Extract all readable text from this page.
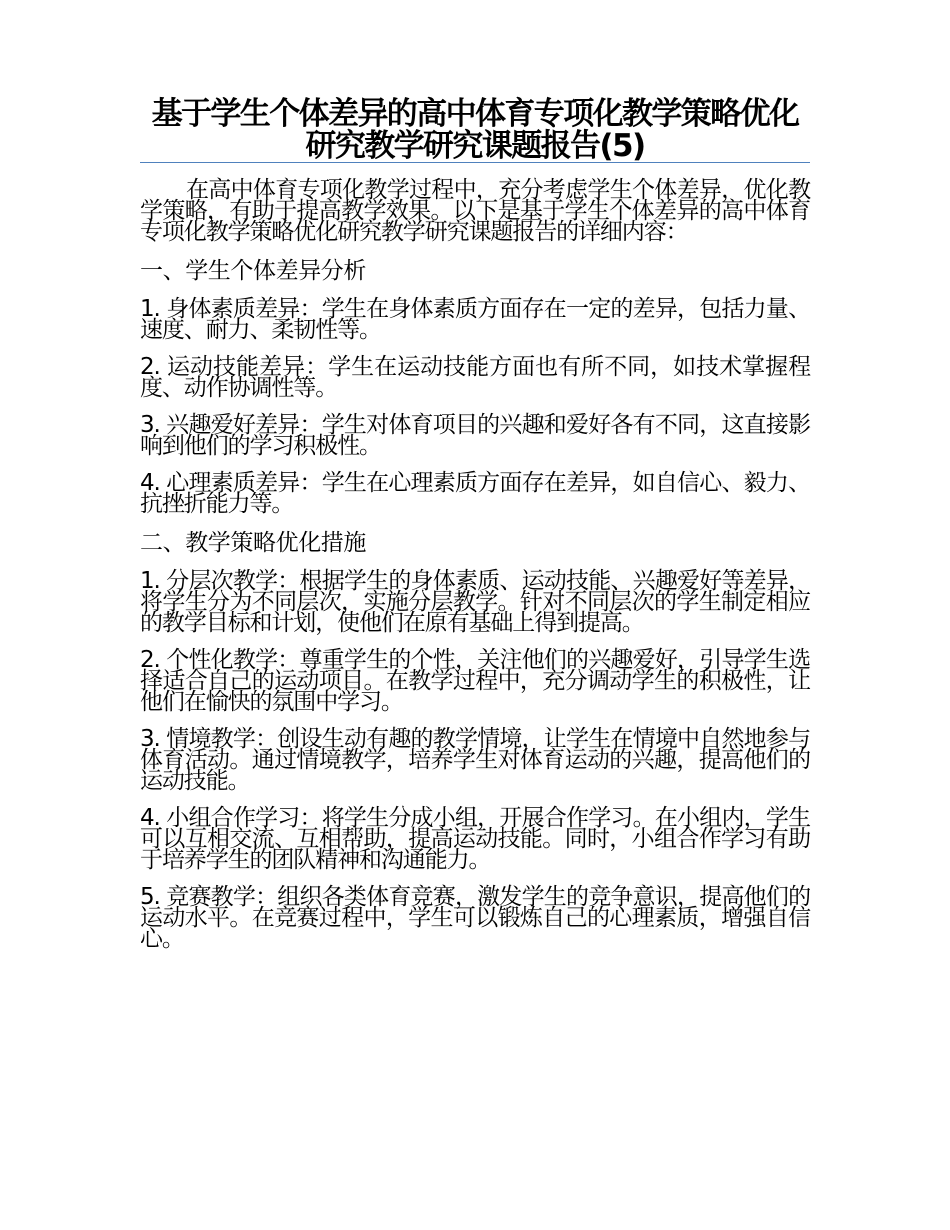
基于学生个体差异的高中体育专项化教学策略优化研究教学研究课题报告(5)

在高中体育专项化教学过程中，充分考虑学生个体差异，优化教学策略，有助于提高教学效果。以下是基于学生个体差异的高中体育专项化教学策略优化研究教学研究课题报告的详细内容：

一、学生个体差异分析

1. 身体素质差异：学生在身体素质方面存在一定的差异，包括力量、速度、耐力、柔韧性等。

2. 运动技能差异：学生在运动技能方面也有所不同，如技术掌握程度、动作协调性等。

3. 兴趣爱好差异：学生对体育项目的兴趣和爱好各有不同，这直接影响到他们的学习积极性。

4. 心理素质差异：学生在心理素质方面存在差异，如自信心、毅力、抗挫折能力等。

二、教学策略优化措施

1. 分层次教学：根据学生的身体素质、运动技能、兴趣爱好等差异，将学生分为不同层次，实施分层教学。针对不同层次的学生制定相应的教学目标和计划，使他们在原有基础上得到提高。

2. 个性化教学：尊重学生的个性，关注他们的兴趣爱好，引导学生选择适合自己的运动项目。在教学过程中，充分调动学生的积极性，让他们在愉快的氛围中学习。

3. 情境教学：创设生动有趣的教学情境，让学生在情境中自然地参与体育活动。通过情境教学，培养学生对体育运动的兴趣，提高他们的运动技能。

4. 小组合作学习：将学生分成小组，开展合作学习。在小组内，学生可以互相交流、互相帮助，提高运动技能。同时，小组合作学习有助于培养学生的团队精神和沟通能力。

5. 竞赛教学：组织各类体育竞赛，激发学生的竞争意识，提高他们的运动水平。在竞赛过程中，学生可以锻炼自己的心理素质，增强自信心。
